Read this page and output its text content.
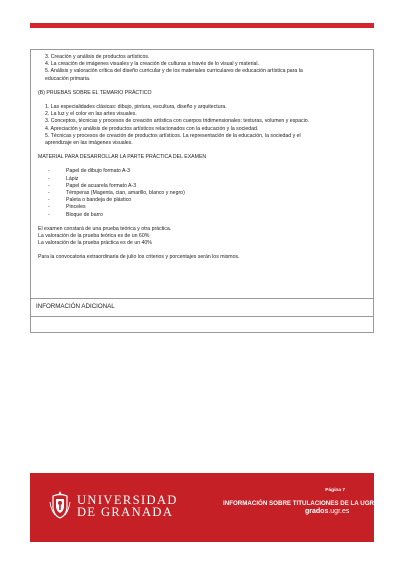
3. Creación y análisis de productos artísticos.

4. La creación de imágenes visuales y la creación de culturas a través de lo visual y material.

5. Análisis y valoración crítica del diseño curricular y de los materiales curriculares de educación artística para la

educación primaria.

(B) PRUEBAS SOBRE EL TEMARIO PRÁCTICO

1. Las especialidades clásicas: dibujo, pintura, escultura, diseño y arquitectura.

2. La luz y el color en las artes visuales.

3. Conceptos, técnicas y procesos de creación artística con cuerpos tridimensionales: texturas, volumen y espacio.

4. Apreciación y análisis de productos artísticos relacionados con la educación y la sociedad.

5. Técnicas y procesos de creación de productos artísticos. La representación de la educación, la sociedad y el

aprendizaje en las imágenes visuales.

MATERIAL PARA DESARROLLAR LA PARTE PRÁCTICA DEL EXAMEN

-	Papel de dibujo formato A-3
-	Lápiz
-	Papel de acuarela formato A-3
-	Témperas (Magenta, cian, amarillo, blanco y negro)
-	Paleta o bandeja de plástico
-	Pinceles
-	Bloque de barro

El examen constará de una prueba teórica y otra práctica.

La valoración de la prueba teórica es de un 60%

La valoración de la prueba práctica es de un 40%

Para la convocatoria extraordinaria de julio los criterios y porcentajes serán los mismos.

INFORMACIÓN ADICIONAL
UNIVERSIDAD
DE GRANADA
Página 7
INFORMACIÓN SOBRE TITULACIONES DE LA UGR
grados.ugr.es
